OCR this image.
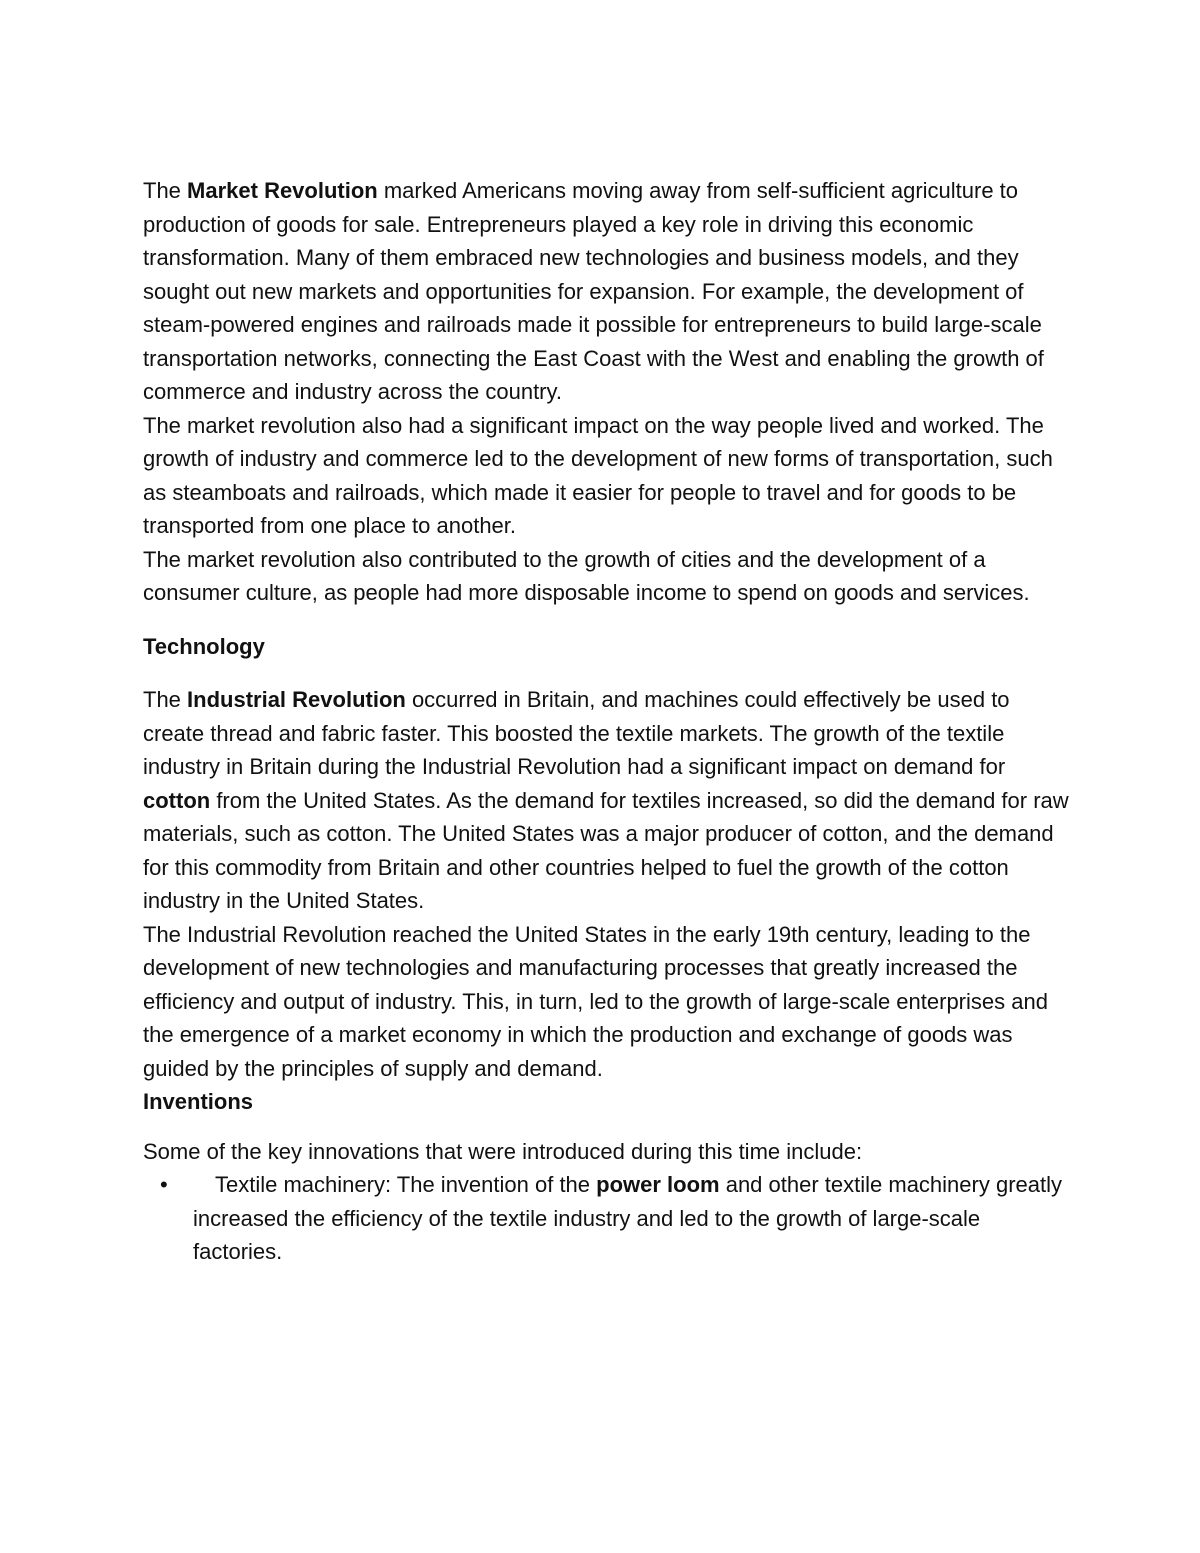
The Market Revolution marked Americans moving away from self-sufficient agriculture to production of goods for sale. Entrepreneurs played a key role in driving this economic transformation. Many of them embraced new technologies and business models, and they sought out new markets and opportunities for expansion. For example, the development of steam-powered engines and railroads made it possible for entrepreneurs to build large-scale transportation networks, connecting the East Coast with the West and enabling the growth of commerce and industry across the country.

The market revolution also had a significant impact on the way people lived and worked. The growth of industry and commerce led to the development of new forms of transportation, such as steamboats and railroads, which made it easier for people to travel and for goods to be transported from one place to another.

The market revolution also contributed to the growth of cities and the development of a consumer culture, as people had more disposable income to spend on goods and services.

Technology

The Industrial Revolution occurred in Britain, and machines could effectively be used to create thread and fabric faster. This boosted the textile markets. The growth of the textile industry in Britain during the Industrial Revolution had a significant impact on demand for cotton from the United States. As the demand for textiles increased, so did the demand for raw materials, such as cotton. The United States was a major producer of cotton, and the demand for this commodity from Britain and other countries helped to fuel the growth of the cotton industry in the United States.

The Industrial Revolution reached the United States in the early 19th century, leading to the development of new technologies and manufacturing processes that greatly increased the efficiency and output of industry. This, in turn, led to the growth of large-scale enterprises and the emergence of a market economy in which the production and exchange of goods was guided by the principles of supply and demand.

Inventions

Some of the key innovations that were introduced during this time include:

• Textile machinery: The invention of the power loom and other textile machinery greatly increased the efficiency of the textile industry and led to the growth of large-scale factories.
